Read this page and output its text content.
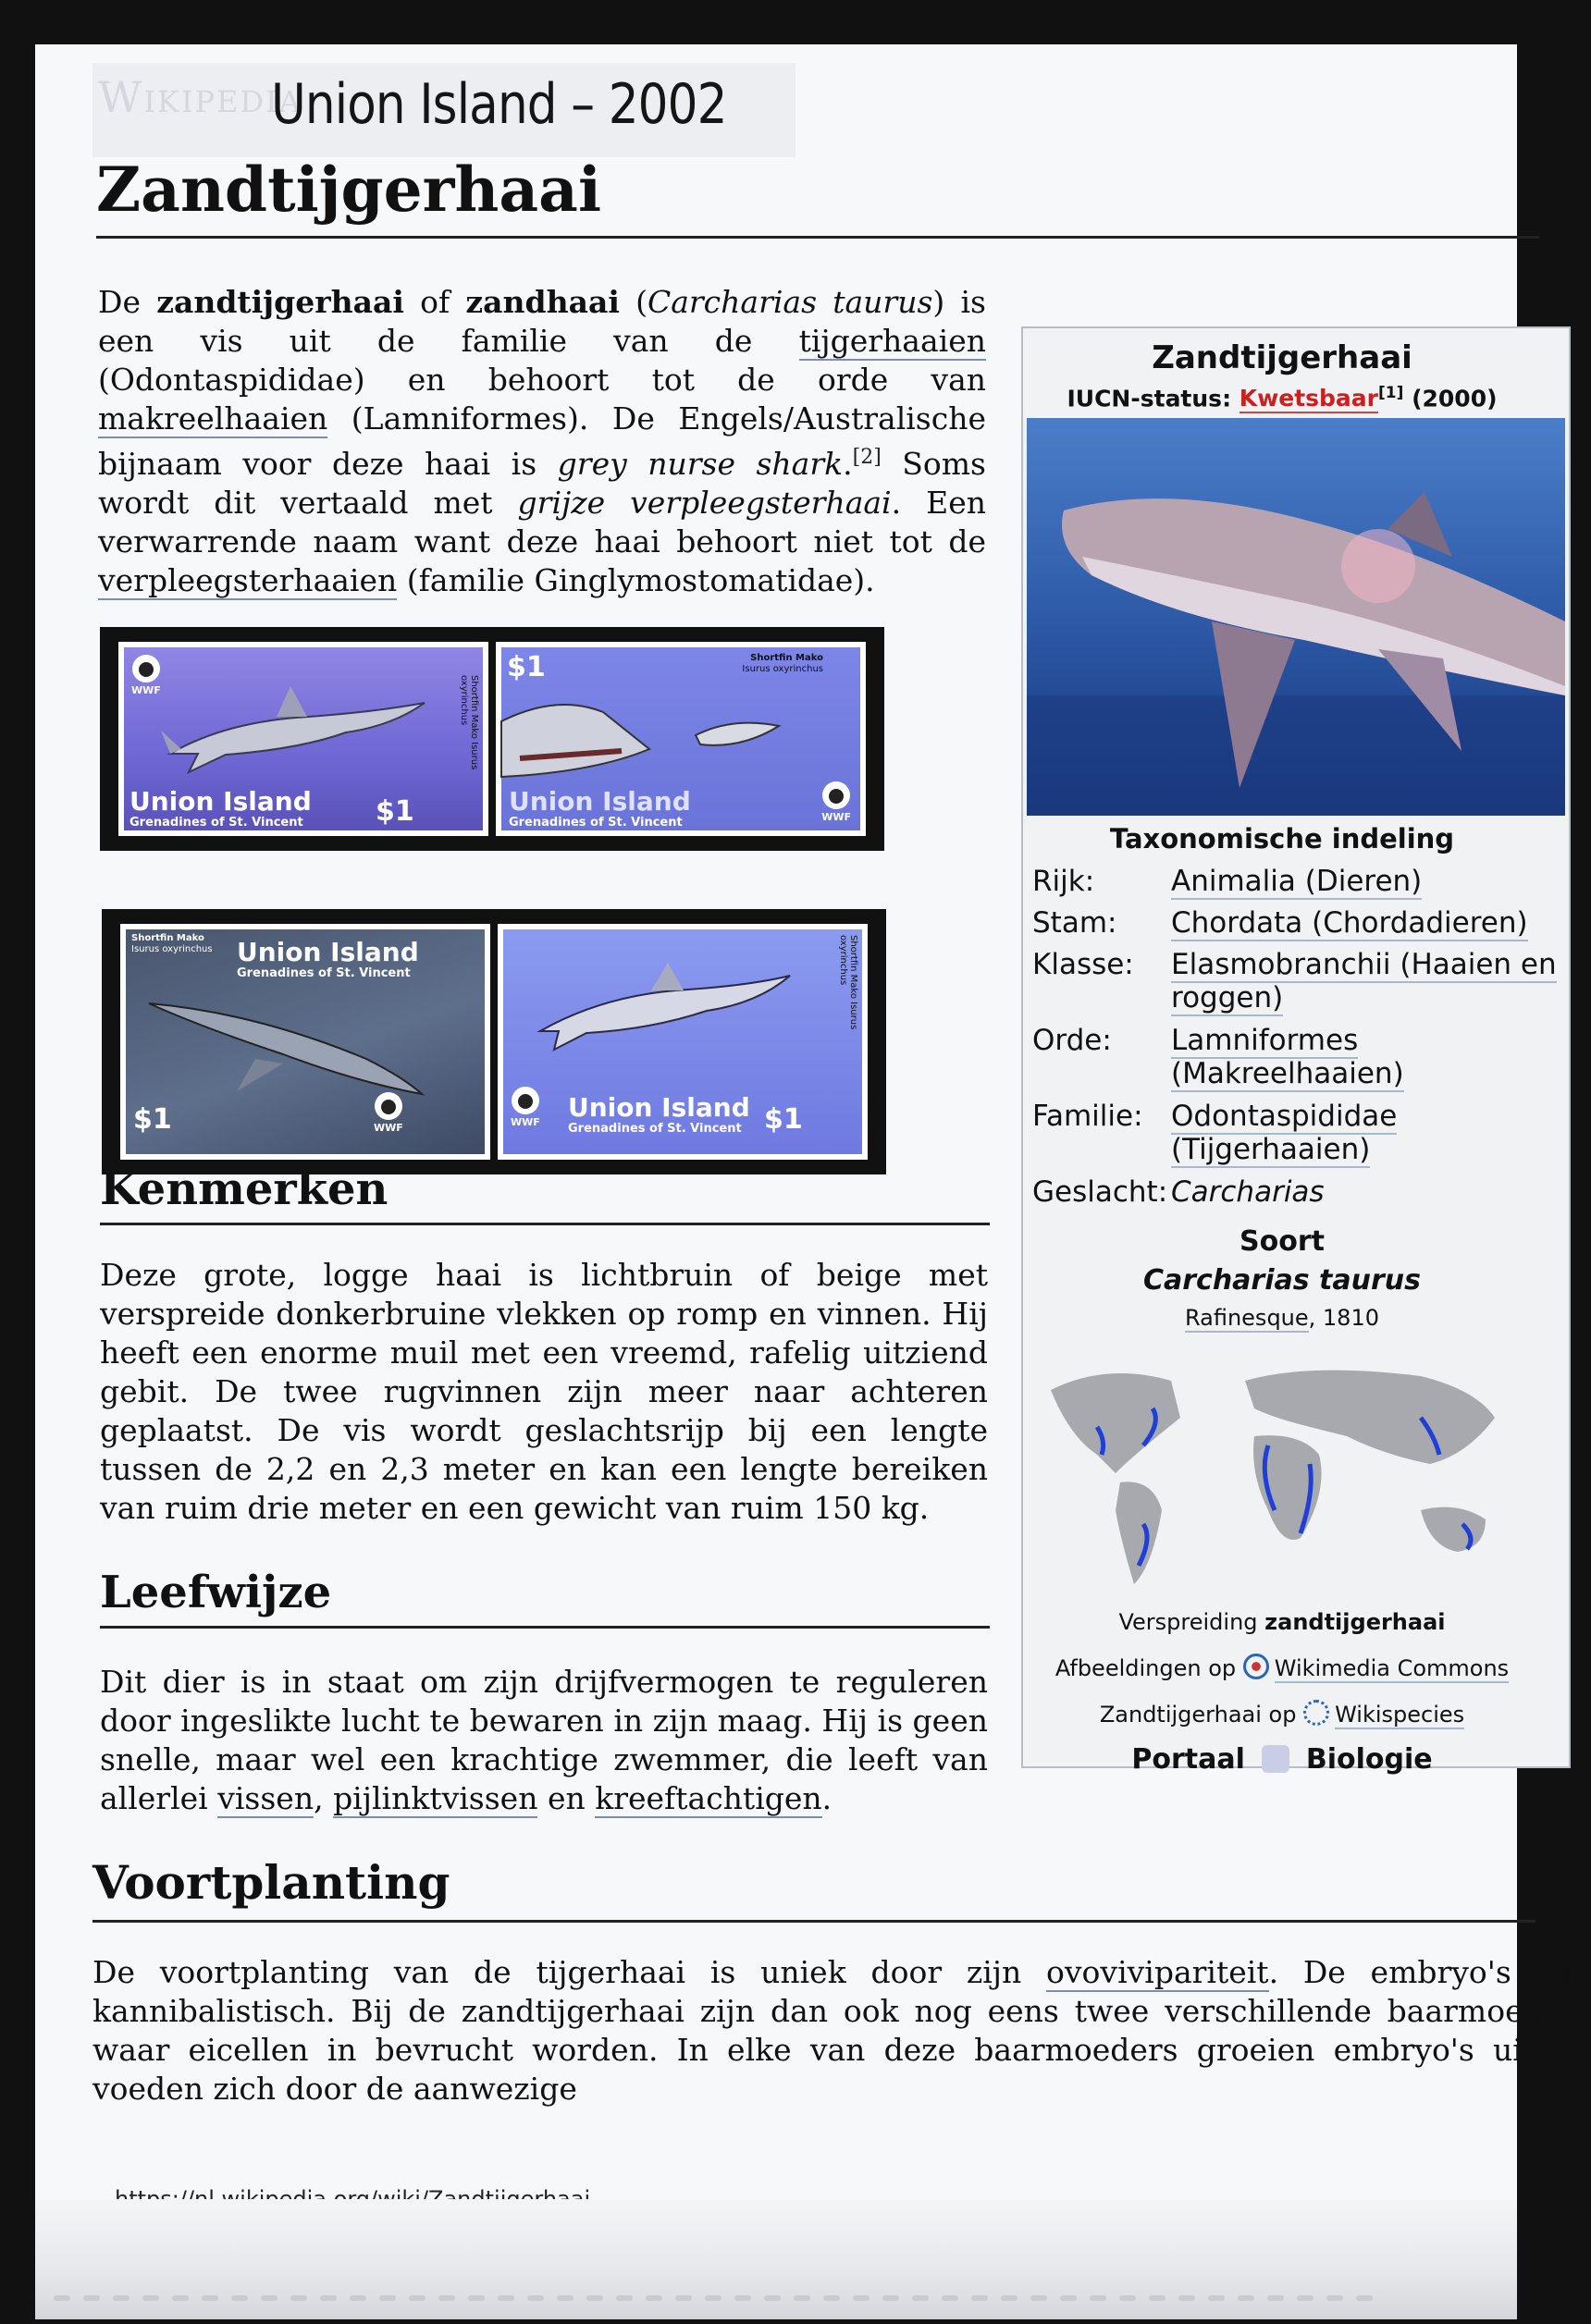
Wikipedia
Union Island – 2002
Zandtijgerhaai
De zandtijgerhaai of zandhaai (Carcharias taurus) is een vis uit de familie van de tijgerhaaien (Odontaspididae) en behoort tot de orde van makreelhaaien (Lamniformes). De Engels/Australische bijnaam voor deze haai is grey nurse shark.[2] Soms wordt dit vertaald met grijze verpleegsterhaai. Een verwarrende naam want deze haai behoort niet tot de verpleegsterhaaien (familie Ginglymostomatidae).
WWF	Shortfin Mako Isurus oxyrinchus
Union Island
Grenadines of St. Vincent	$1
$1	Shortfin Mako
Isurus oxyrinchus
Union Island
Grenadines of St. Vincent	WWF
Shortfin Mako
Isurus oxyrinchus Union Island
Grenadines of St. Vincent
$1	WWF
Shortfin Mako Isurus oxyrinchus
WWF Union Island
Grenadines of St. Vincent $1
Kenmerken
Deze grote, logge haai is lichtbruin of beige met verspreide donkerbruine vlekken op romp en vinnen. Hij heeft een enorme muil met een vreemd, rafelig uitziend gebit. De twee rugvinnen zijn meer naar achteren geplaatst. De vis wordt geslachtsrijp bij een lengte tussen de 2,2 en 2,3 meter en kan een lengte bereiken van ruim drie meter en een gewicht van ruim 150 kg.
Leefwijze
Dit dier is in staat om zijn drijfvermogen te reguleren door ingeslikte lucht te bewaren in zijn maag. Hij is geen snelle, maar wel een krachtige zwemmer, die leeft van allerlei vissen, pijlinktvissen en kreeftachtigen.
Voortplanting
De voortplanting van de tijgerhaai is uniek door zijn ovovivipariteit. De embryo's zijn kannibalistisch. Bij de zandtijgerhaai zijn dan ook nog eens twee verschillende baarmoeders waar eicellen in bevrucht worden. In elke van deze baarmoeders groeien embryo's uit en voeden zich door de aanwezige
Zandtijgerhaai
IUCN-status: Kwetsbaar[1] (2000)
Taxonomische indeling
Rijk:	Animalia (Dieren)
Stam: Chordata (Chordadieren)
Klasse: Elasmobranchii (Haaien en roggen)
Orde: Lamniformes (Makreelhaaien)
Familie: Odontaspididae (Tijgerhaaien)
Geslacht: Carcharias
Soort
Carcharias taurus
Rafinesque, 1810
Verspreiding zandtijgerhaai
Afbeeldingen op Wikimedia Commons
Zandtijgerhaai op Wikispecies
Portaal Biologie
